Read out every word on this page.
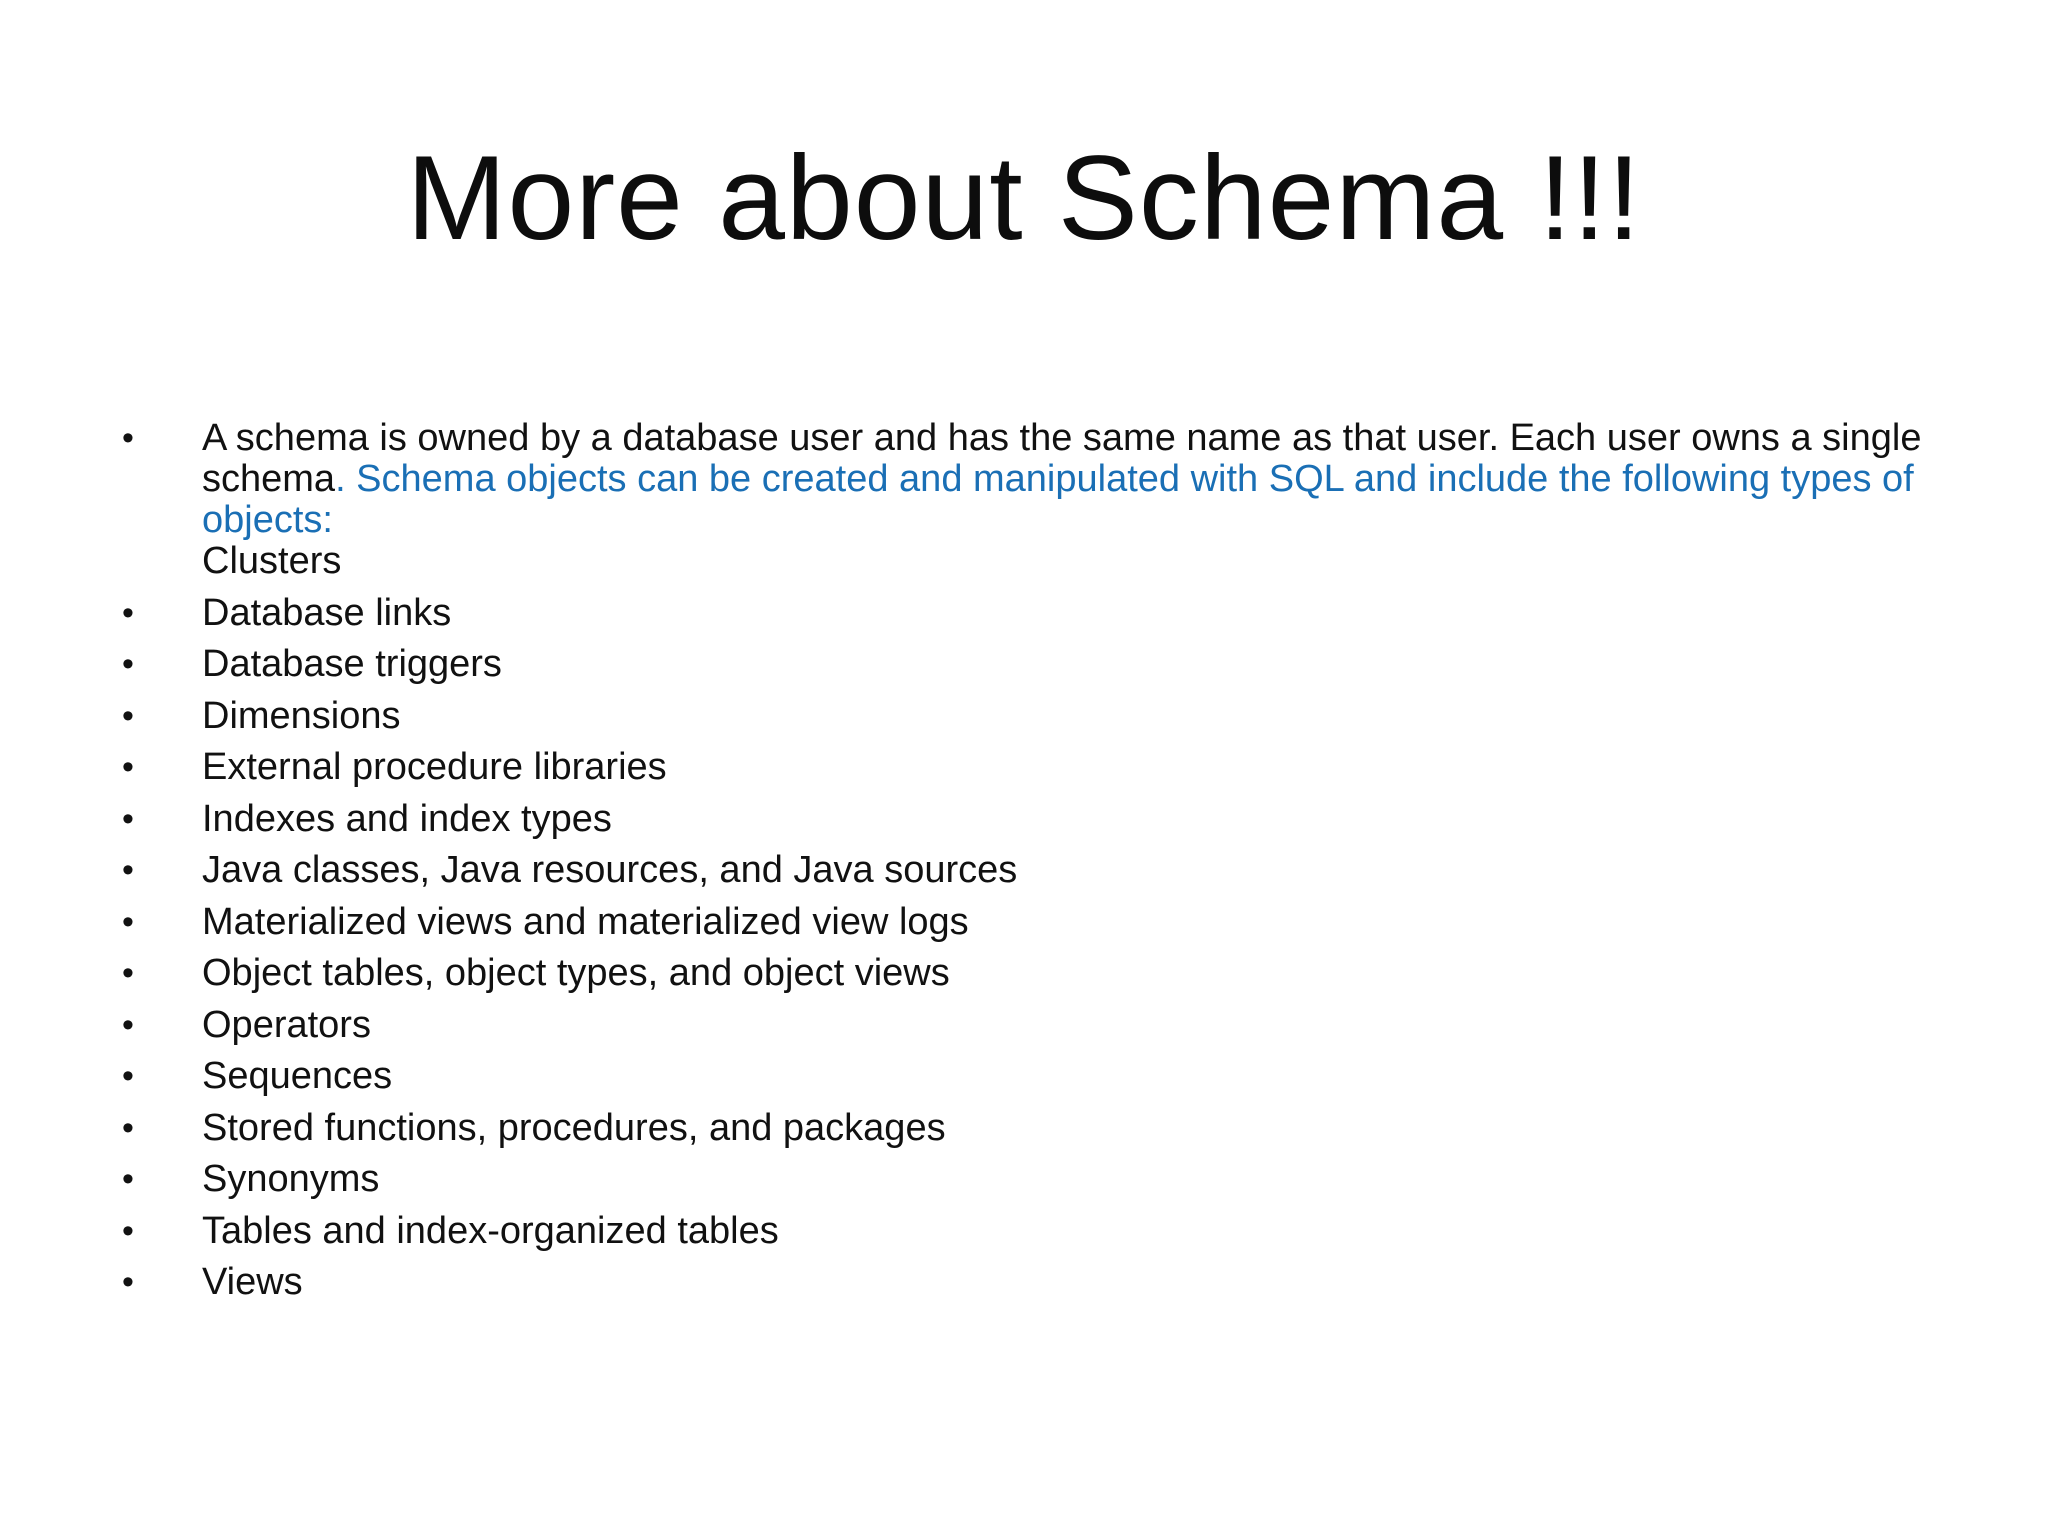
More about Schema !!!
•	A schema is owned by a database user and has the same name as that user. Each user owns a single schema. Schema objects can be created and manipulated with SQL and include the following types of objects:
Clusters
•	Database links
•	Database triggers
•	Dimensions
•	External procedure libraries
•	Indexes and index types
•	Java classes, Java resources, and Java sources
•	Materialized views and materialized view logs
•	Object tables, object types, and object views
•	Operators
•	Sequences
•	Stored functions, procedures, and packages
•	Synonyms
•	Tables and index-organized tables
•	Views
